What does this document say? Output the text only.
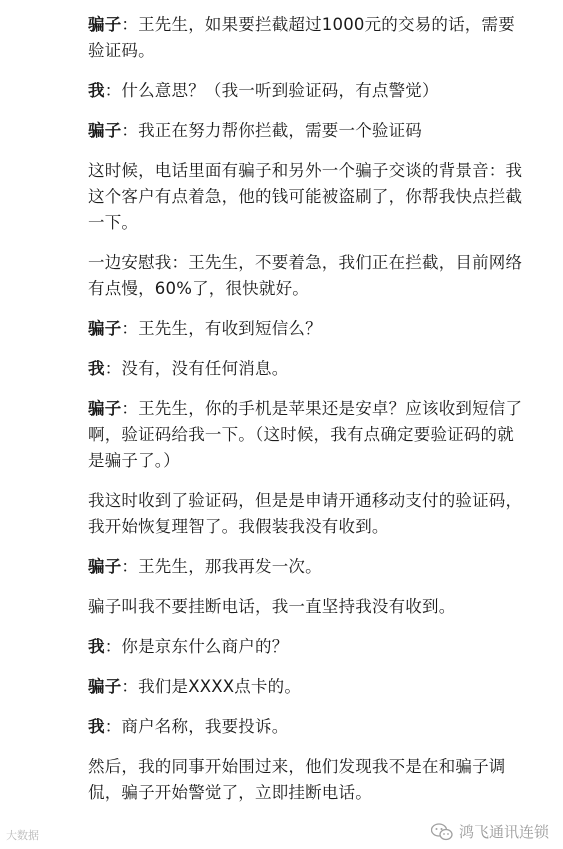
骗子：王先生，如果要拦截超过1000元的交易的话，需要验证码。

我：什么意思？（我一听到验证码，有点警觉）

骗子：我正在努力帮你拦截，需要一个验证码

这时候，电话里面有骗子和另外一个骗子交谈的背景音：我这个客户有点着急，他的钱可能被盗刷了，你帮我快点拦截一下。

一边安慰我：王先生，不要着急，我们正在拦截，目前网络有点慢，60%了，很快就好。

骗子：王先生，有收到短信么？

我：没有，没有任何消息。

骗子：王先生，你的手机是苹果还是安卓？应该收到短信了啊，验证码给我一下。（这时候，我有点确定要验证码的就是骗子了。）

我这时收到了验证码，但是是申请开通移动支付的验证码，我开始恢复理智了。我假装我没有收到。

骗子：王先生，那我再发一次。

骗子叫我不要挂断电话，我一直坚持我没有收到。

我：你是京东什么商户的？

骗子：我们是XXXX点卡的。

我：商户名称，我要投诉。

然后，我的同事开始围过来，他们发现我不是在和骗子调侃，骗子开始警觉了，立即挂断电话。

大数据	鸿飞通讯连锁
